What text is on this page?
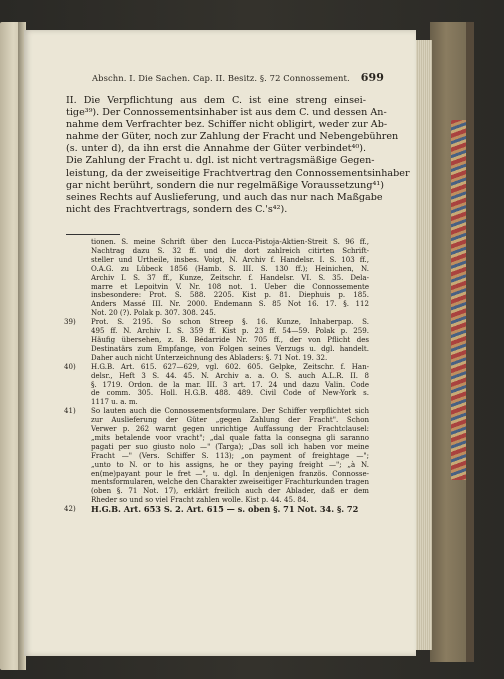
Abschn. I. Die Sachen. Cap. II. Besitz. §. 72 Connossement. 699
II. Die Verpflichtung aus dem C. ist eine streng einsei-
tige³⁹). Der Connossementsinhaber ist aus dem C. und dessen An-
nahme dem Verfrachter bez. Schiffer nicht obligirt, weder zur Ab-
nahme der Güter, noch zur Zahlung der Fracht und Nebengebühren
(s. unter d), da ihn erst die Annahme der Güter verbindet⁴⁰).
Die Zahlung der Fracht u. dgl. ist nicht vertragsmäßige Gegen-
leistung, da der zweiseitige Frachtvertrag den Connossementsinhaber
gar nicht berührt, sondern die nur regelmäßige Voraussetzung⁴¹)
seines Rechts auf Auslieferung, und auch das nur nach Maßgabe
nicht des Frachtvertrags, sondern des C.'s⁴²).
tionen. S. meine Schrift über den Lucca-Pistoja-Aktien-Streit S. 96 ff.,
Nachtrag dazu S. 32 ff. und die dort zahlreich citirten Schrift-
steller und Urtheile, insbes. Voigt, N. Archiv f. Handelsr. I. S. 103 ff.,
O.A.G. zu Lübeck 1856 (Hamb. S. III. S. 130 ff.); Heinichen, N.
Archiv I. S. 37 ff., Kunze, Zeitschr. f. Handelsr. VI. S. 35. Dela-
marre et Lepoitvin V. Nr. 108 not. 1. Ueber die Connossemente
insbesondere: Prot. S. 588. 2205. Kist p. 81. Diephuis p. 185.
Anders Massé III. Nr. 2000. Endemann S. 85 Not 16. 17. §. 112
Not. 20 (?). Polak p. 307. 308. 245.
39)	Prot. S. 2195. So schon Streep §. 16. Kunze, Inhaberpap. S.
495 ff. N. Archiv I. S. 359 ff. Kist p. 23 ff. 54—59. Polak p. 259.
Häufig übersehen, z. B. Bédarride Nr. 705 ff., der von Pflicht des
Destinatärs zum Empfange, von Folgen seines Verzugs u. dgl. handelt.
Daher auch nicht Unterzeichnung des Abladers: §. 71 Not. 19. 32.
40)	H.G.B. Art. 615. 627—629, vgl. 602. 605. Gelpke, Zeitschr. f. Han-
delsr., Heft 3 S. 44. 45. N. Archiv a. a. O. S. auch A.L.R. II. 8
§. 1719. Ordon. de la mar. III. 3 art. 17. 24 und dazu Valin. Code
de comm. 305. Holl. H.G.B. 488. 489. Civil Code of New-York s.
1117 u. a. m.
41)	So lauten auch die Connossementsformulare. Der Schiffer verpflichtet sich
zur Auslieferung der Güter „gegen Zahlung der Fracht". Schon
Verwer p. 262 warnt gegen unrichtige Auffassung der Frachtclausel:
„mits betalende voor vracht"; „dal quale fatta la consegna gli saranno
pagati per suo giusto nolo —" (Targa); „Das soll ich haben vor meine
Fracht —" (Vers. Schiffer S. 113); „on payment of freightage —";
„unto to N. or to his assigns, he or they paying freight —"; „à N.
en(me)payant pour le fret —", u. dgl. In denjenigen französ. Connosse-
mentsformularen, welche den Charakter zweiseitiger Frachturkunden tragen
(oben §. 71 Not. 17), erklärt freilich auch der Ablader, daß er dem
Rheder so und so viel Fracht zahlen wolle. Kist p. 44. 45. 84.
42)	H.G.B. Art. 653 S. 2. Art. 615 — s. oben §. 71 Not. 34. §. 72
